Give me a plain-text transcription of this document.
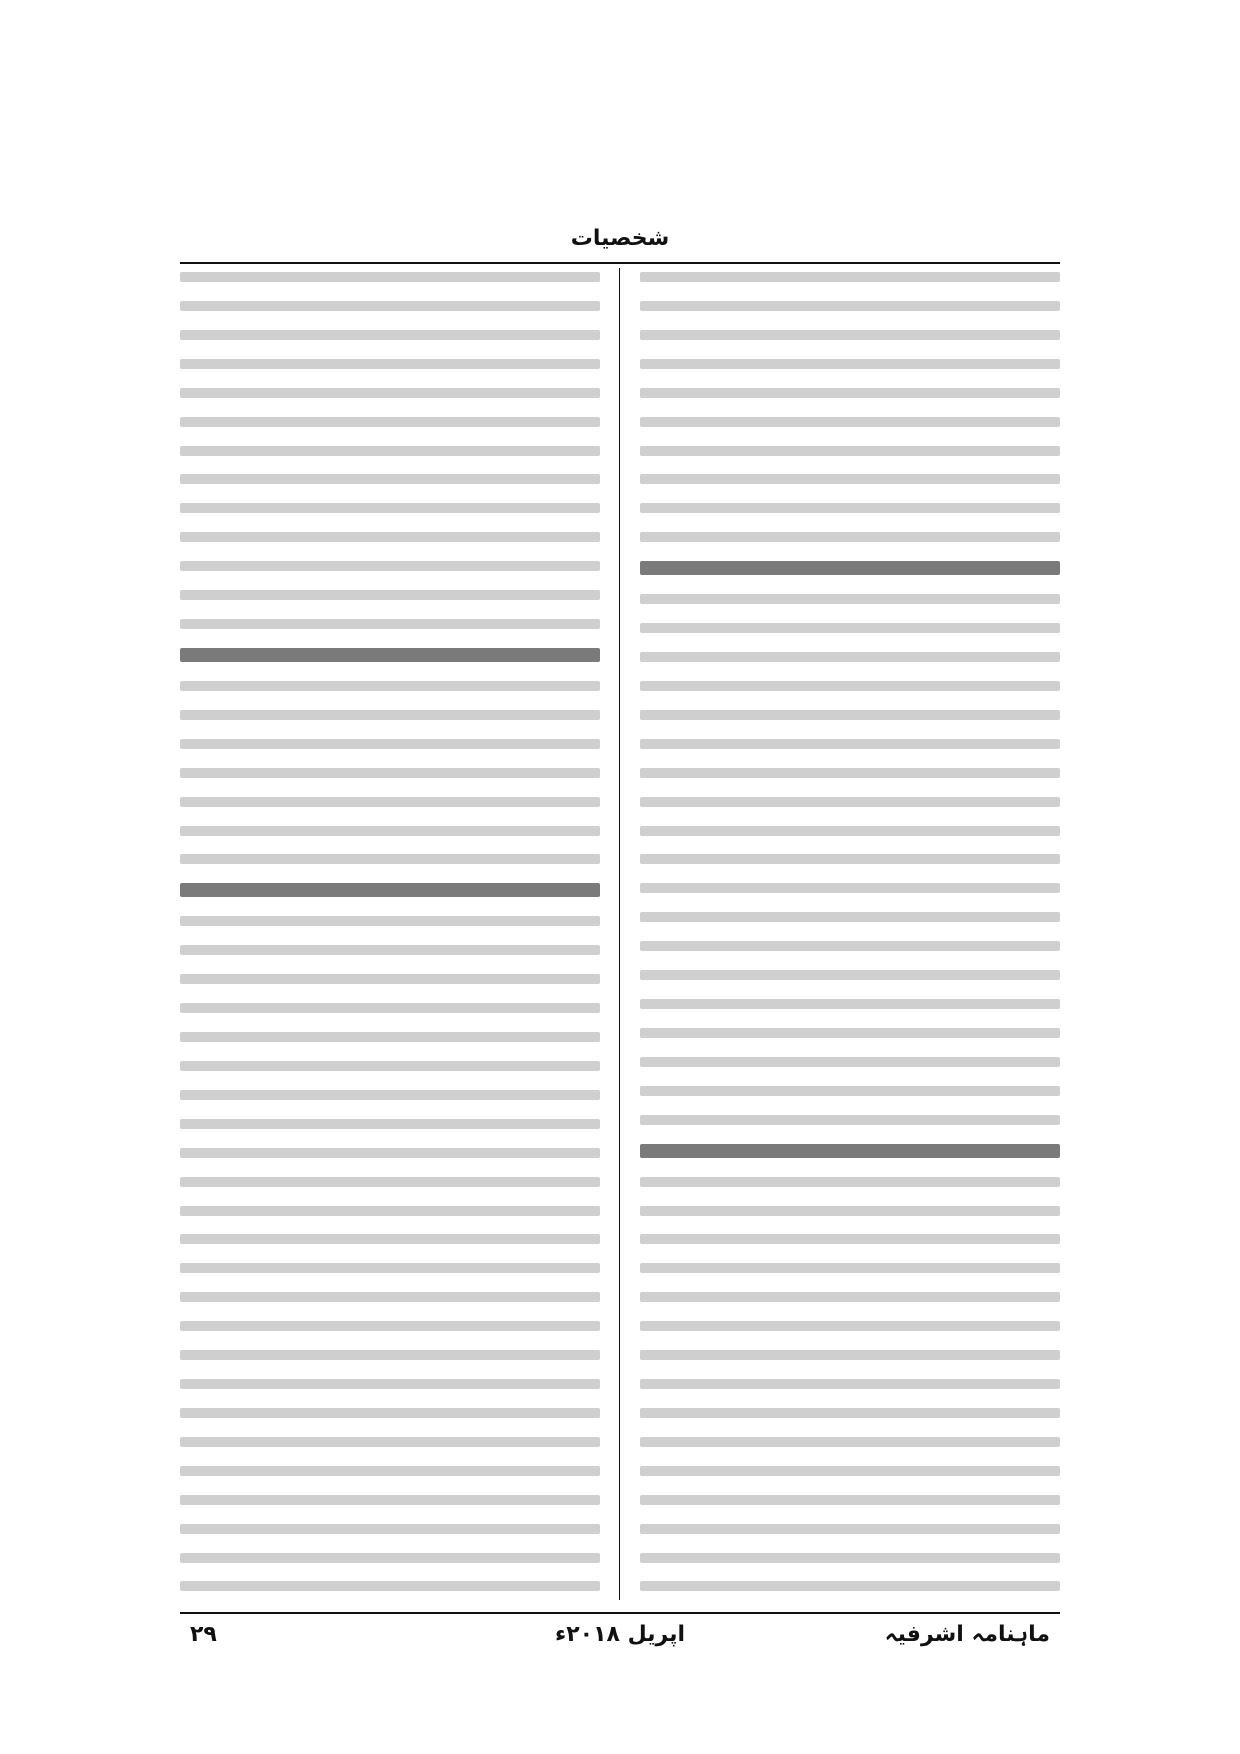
شخصیات
۲۹	اپریل ۲۰۱۸ء	ماہنامہ اشرفیہ
